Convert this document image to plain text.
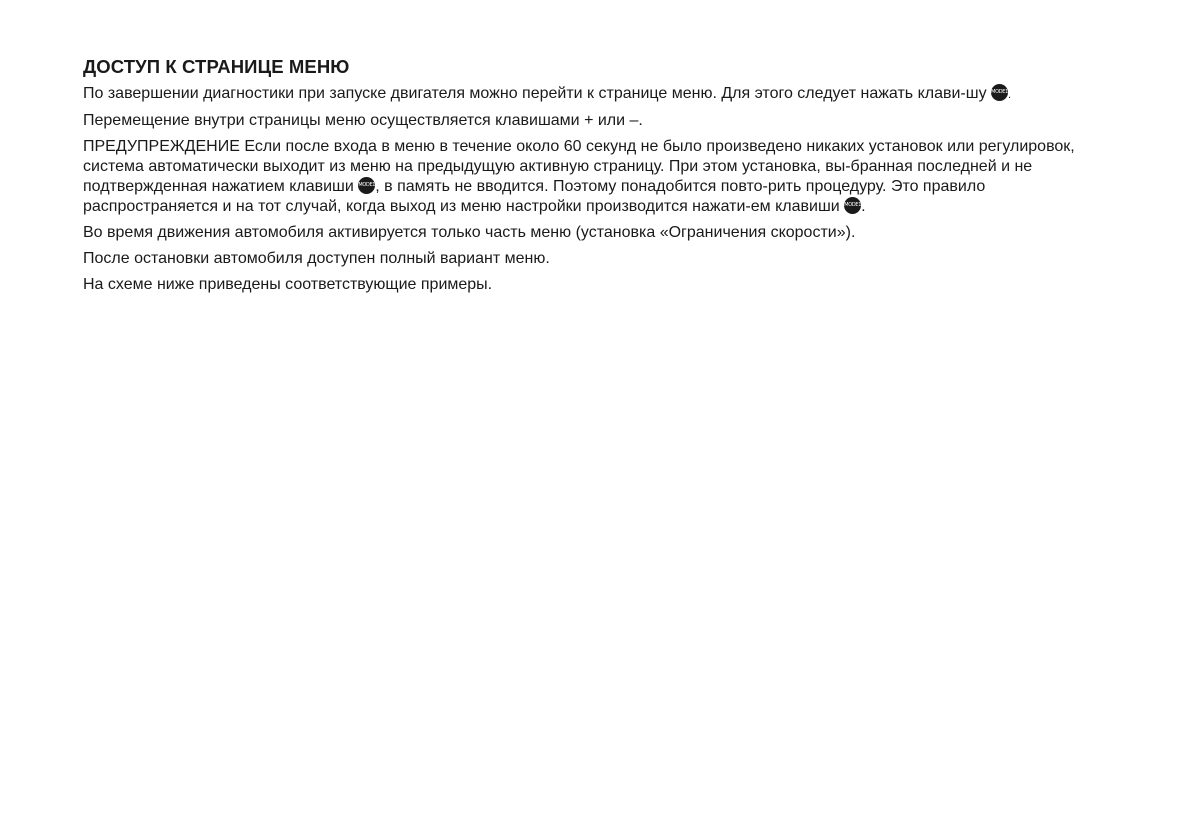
ДОСТУП К СТРАНИЦЕ МЕНЮ

По завершении диагностики при запуске двигателя можно перейти к странице меню. Для этого следует нажать клави-шу MODE1.

Перемещение внутри страницы меню осуществляется клавишами + или –.

ПРЕДУПРЕЖДЕНИЕ Если после входа в меню в течение около 60 секунд не было произведено никаких установок или регулировок, система автоматически выходит из меню на предыдущую активную страницу. При этом установка, вы-бранная последней и не подтвержденная нажатием клавиши MODE1, в память не вводится. Поэтому понадобится повто-рить процедуру. Это правило распространяется и на тот случай, когда выход из меню настройки производится нажати-ем клавиши MODE1.

Во время движения автомобиля активируется только часть меню (установка «Ограничения скорости»).

После остановки автомобиля доступен полный вариант меню.

На схеме ниже приведены соответствующие примеры.
